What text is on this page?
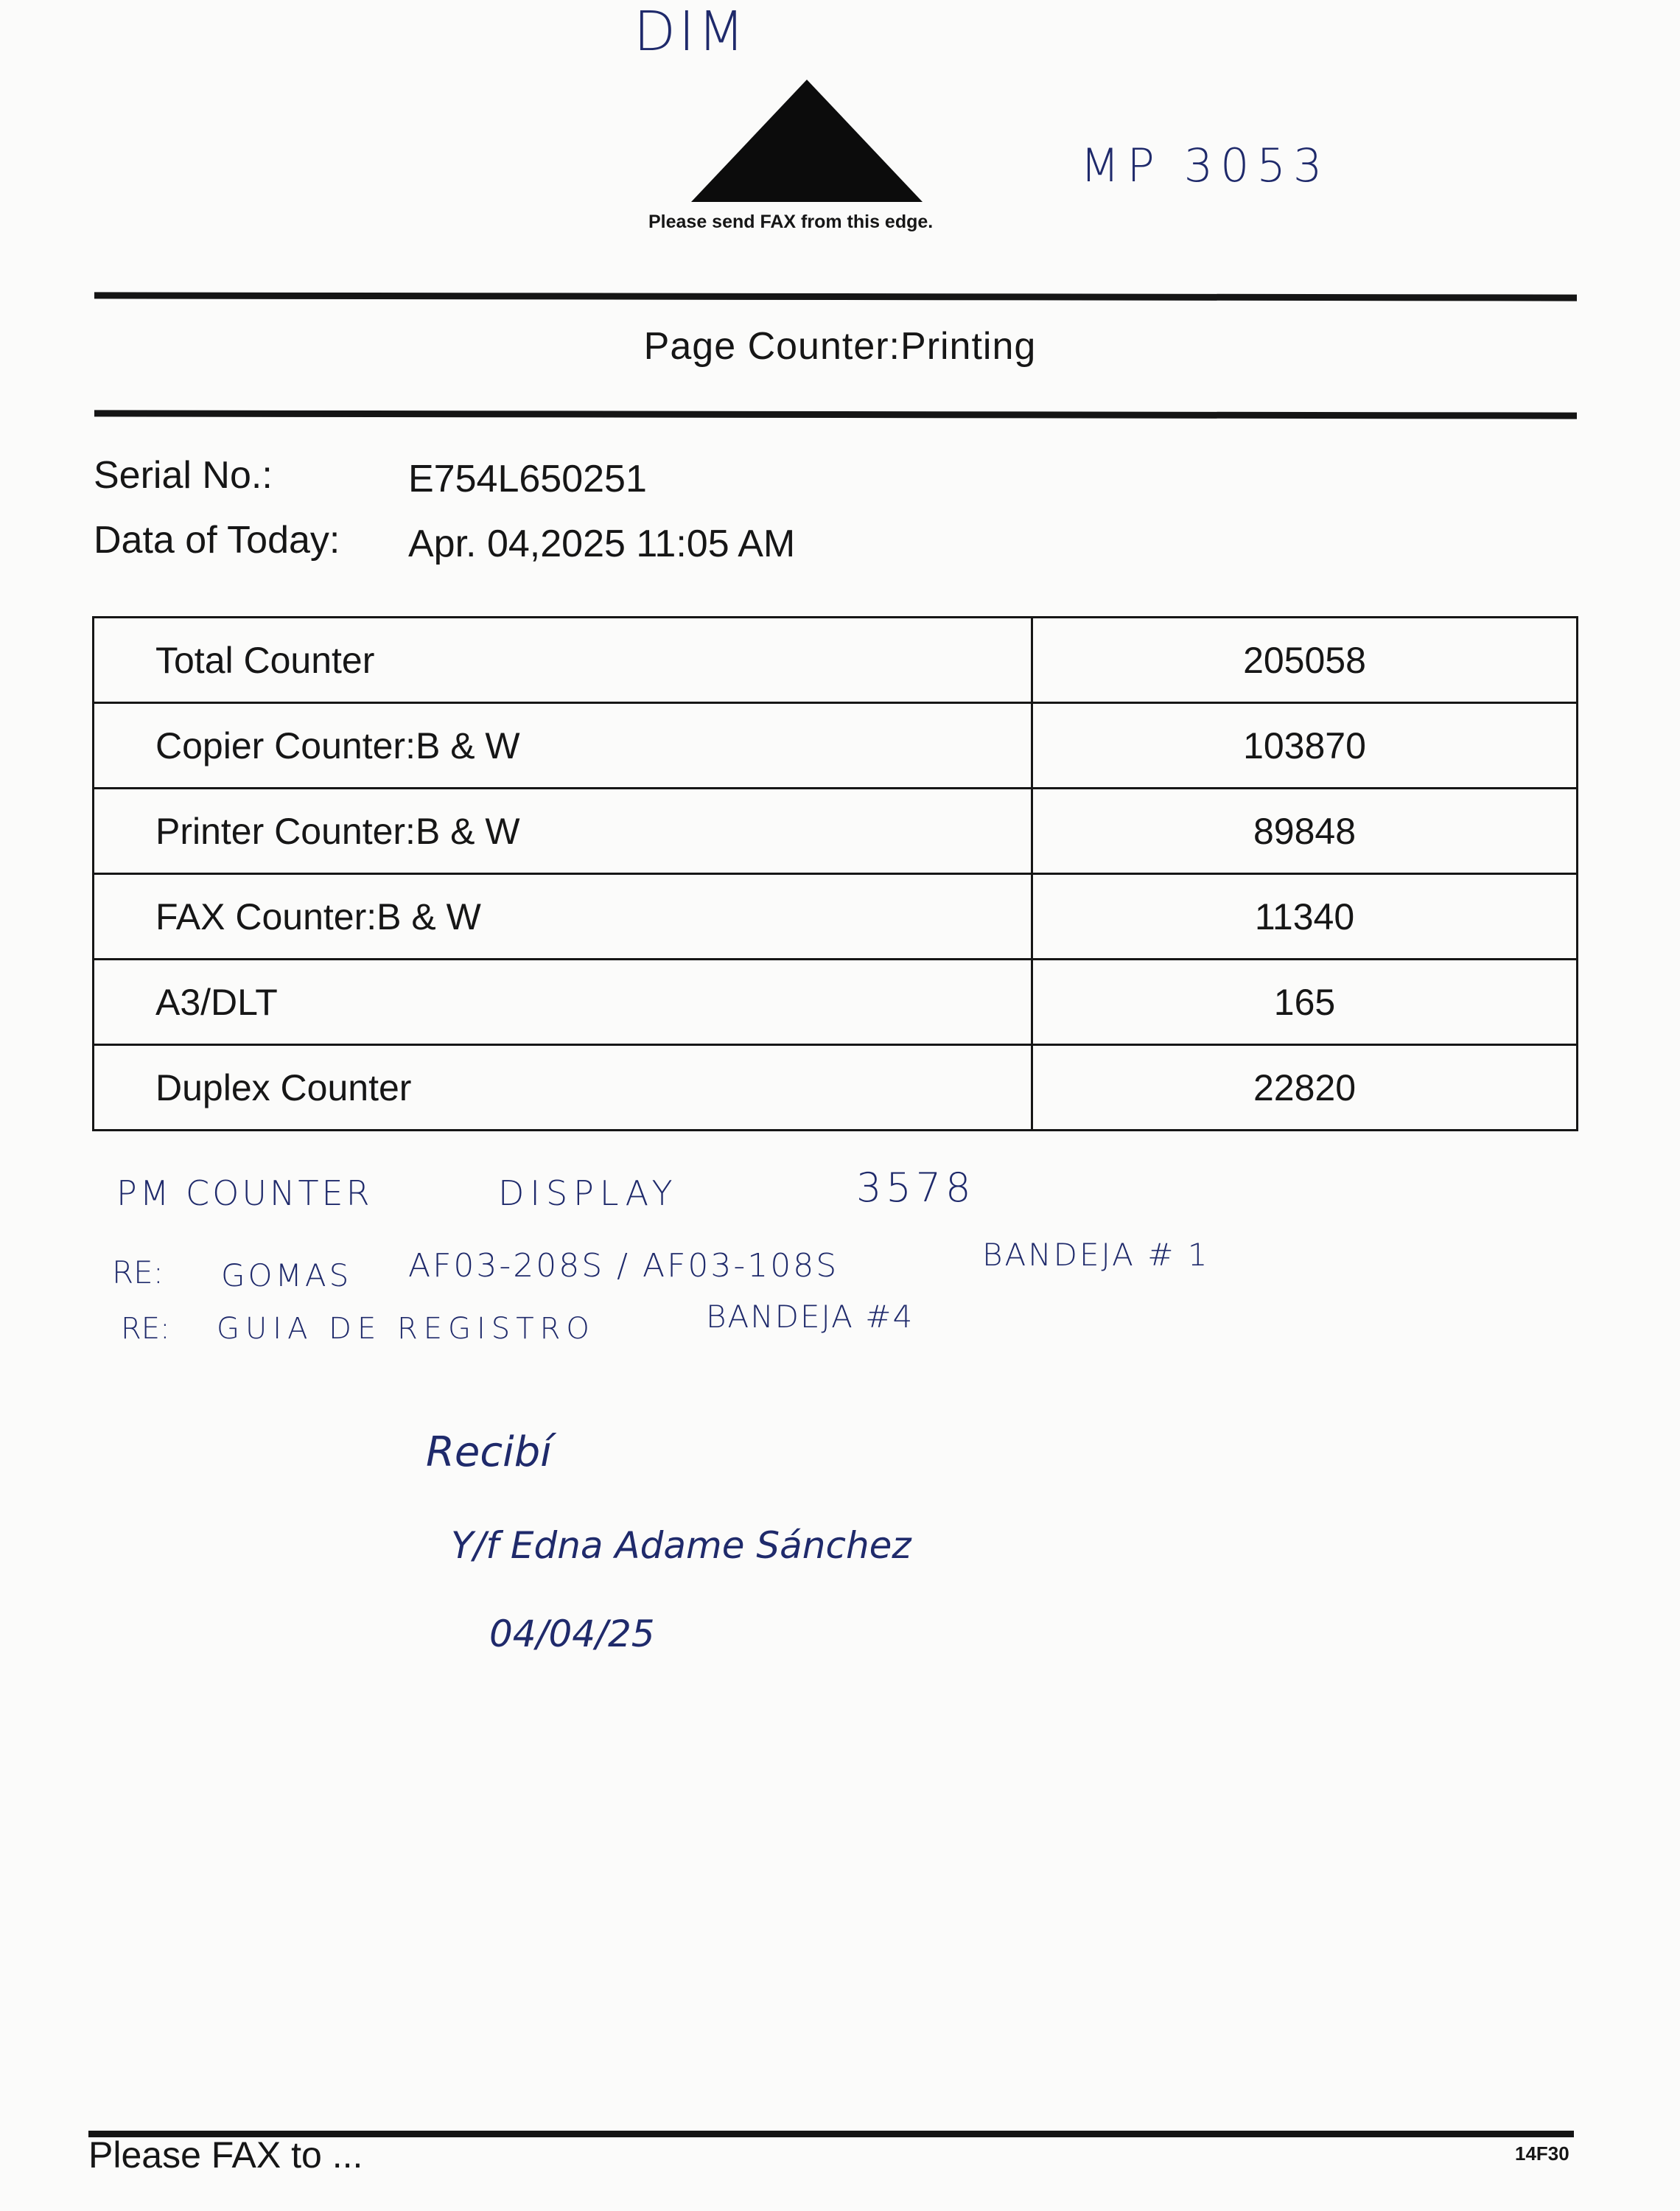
DIM
MP 3053
Please send FAX from this edge.
Page Counter:Printing
Serial No.:	E754L650251
Data of Today: Apr. 04,2025 11:05 AM
Total Counter	205058
Copier Counter:B & W	103870
Printer Counter:B & W	89848
FAX Counter:B & W	11340
A3/DLT	165
Duplex Counter	22820
PM COUNTER	DISPLAY	3578
RE: GOMAS AF03-208S / AF03-108S	BANDEJA # 1
RE: GUIA DE REGISTRO	BANDEJA #4
Recibí
Y/f Edna Adame Sánchez
04/04/25
Please FAX to ...	14F30
